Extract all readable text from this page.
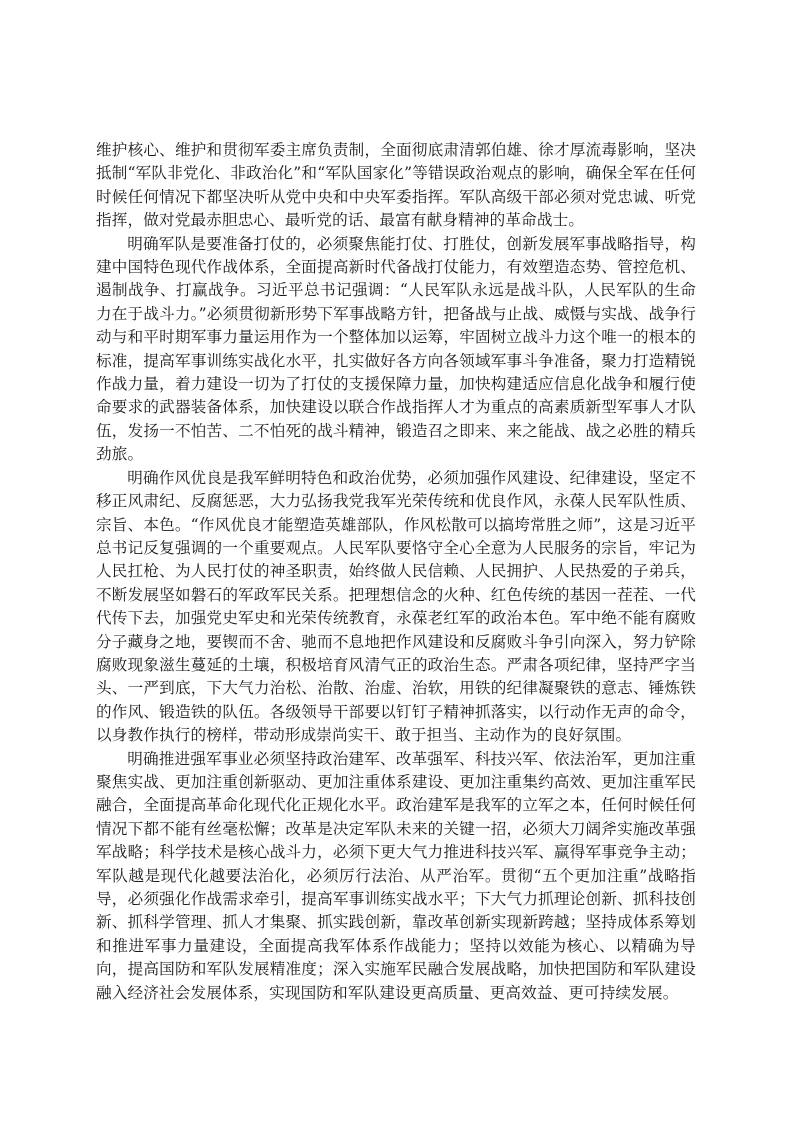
维护核心、维护和贯彻军委主席负责制，全面彻底肃清郭伯雄、徐才厚流毒影响，坚决抵制“军队非党化、非政治化”和“军队国家化”等错误政治观点的影响，确保全军在任何时候任何情况下都坚决听从党中央和中央军委指挥。军队高级干部必须对党忠诚、听党指挥，做对党最赤胆忠心、最听党的话、最富有献身精神的革命战士。

明确军队是要准备打仗的，必须聚焦能打仗、打胜仗，创新发展军事战略指导，构建中国特色现代作战体系，全面提高新时代备战打仗能力，有效塑造态势、管控危机、遏制战争、打赢战争。习近平总书记强调：“人民军队永远是战斗队，人民军队的生命力在于战斗力。”必须贯彻新形势下军事战略方针，把备战与止战、威慑与实战、战争行动与和平时期军事力量运用作为一个整体加以运筹，牢固树立战斗力这个唯一的根本的标准，提高军事训练实战化水平，扎实做好各方向各领域军事斗争准备，聚力打造精锐作战力量，着力建设一切为了打仗的支援保障力量，加快构建适应信息化战争和履行使命要求的武器装备体系，加快建设以联合作战指挥人才为重点的高素质新型军事人才队伍，发扬一不怕苦、二不怕死的战斗精神，锻造召之即来、来之能战、战之必胜的精兵劲旅。

明确作风优良是我军鲜明特色和政治优势，必须加强作风建设、纪律建设，坚定不移正风肃纪、反腐惩恶，大力弘扬我党我军光荣传统和优良作风，永葆人民军队性质、宗旨、本色。“作风优良才能塑造英雄部队，作风松散可以搞垮常胜之师”，这是习近平总书记反复强调的一个重要观点。人民军队要恪守全心全意为人民服务的宗旨，牢记为人民扛枪、为人民打仗的神圣职责，始终做人民信赖、人民拥护、人民热爱的子弟兵，不断发展坚如磐石的军政军民关系。把理想信念的火种、红色传统的基因一茬茬、一代代传下去，加强党史军史和光荣传统教育，永葆老红军的政治本色。军中绝不能有腐败分子藏身之地，要锲而不舍、驰而不息地把作风建设和反腐败斗争引向深入，努力铲除腐败现象滋生蔓延的土壤，积极培育风清气正的政治生态。严肃各项纪律，坚持严字当头、一严到底，下大气力治松、治散、治虚、治软，用铁的纪律凝聚铁的意志、锤炼铁的作风、锻造铁的队伍。各级领导干部要以钉钉子精神抓落实，以行动作无声的命令，以身教作执行的榜样，带动形成崇尚实干、敢于担当、主动作为的良好氛围。

明确推进强军事业必须坚持政治建军、改革强军、科技兴军、依法治军，更加注重聚焦实战、更加注重创新驱动、更加注重体系建设、更加注重集约高效、更加注重军民融合，全面提高革命化现代化正规化水平。政治建军是我军的立军之本，任何时候任何情况下都不能有丝毫松懈；改革是决定军队未来的关键一招，必须大刀阔斧实施改革强军战略；科学技术是核心战斗力，必须下更大气力推进科技兴军、赢得军事竞争主动；军队越是现代化越要法治化，必须厉行法治、从严治军。贯彻“五个更加注重”战略指导，必须强化作战需求牵引，提高军事训练实战水平；下大气力抓理论创新、抓科技创新、抓科学管理、抓人才集聚、抓实践创新，靠改革创新实现新跨越；坚持成体系筹划和推进军事力量建设，全面提高我军体系作战能力；坚持以效能为核心、以精确为导向，提高国防和军队发展精准度；深入实施军民融合发展战略，加快把国防和军队建设融入经济社会发展体系，实现国防和军队建设更高质量、更高效益、更可持续发展。
